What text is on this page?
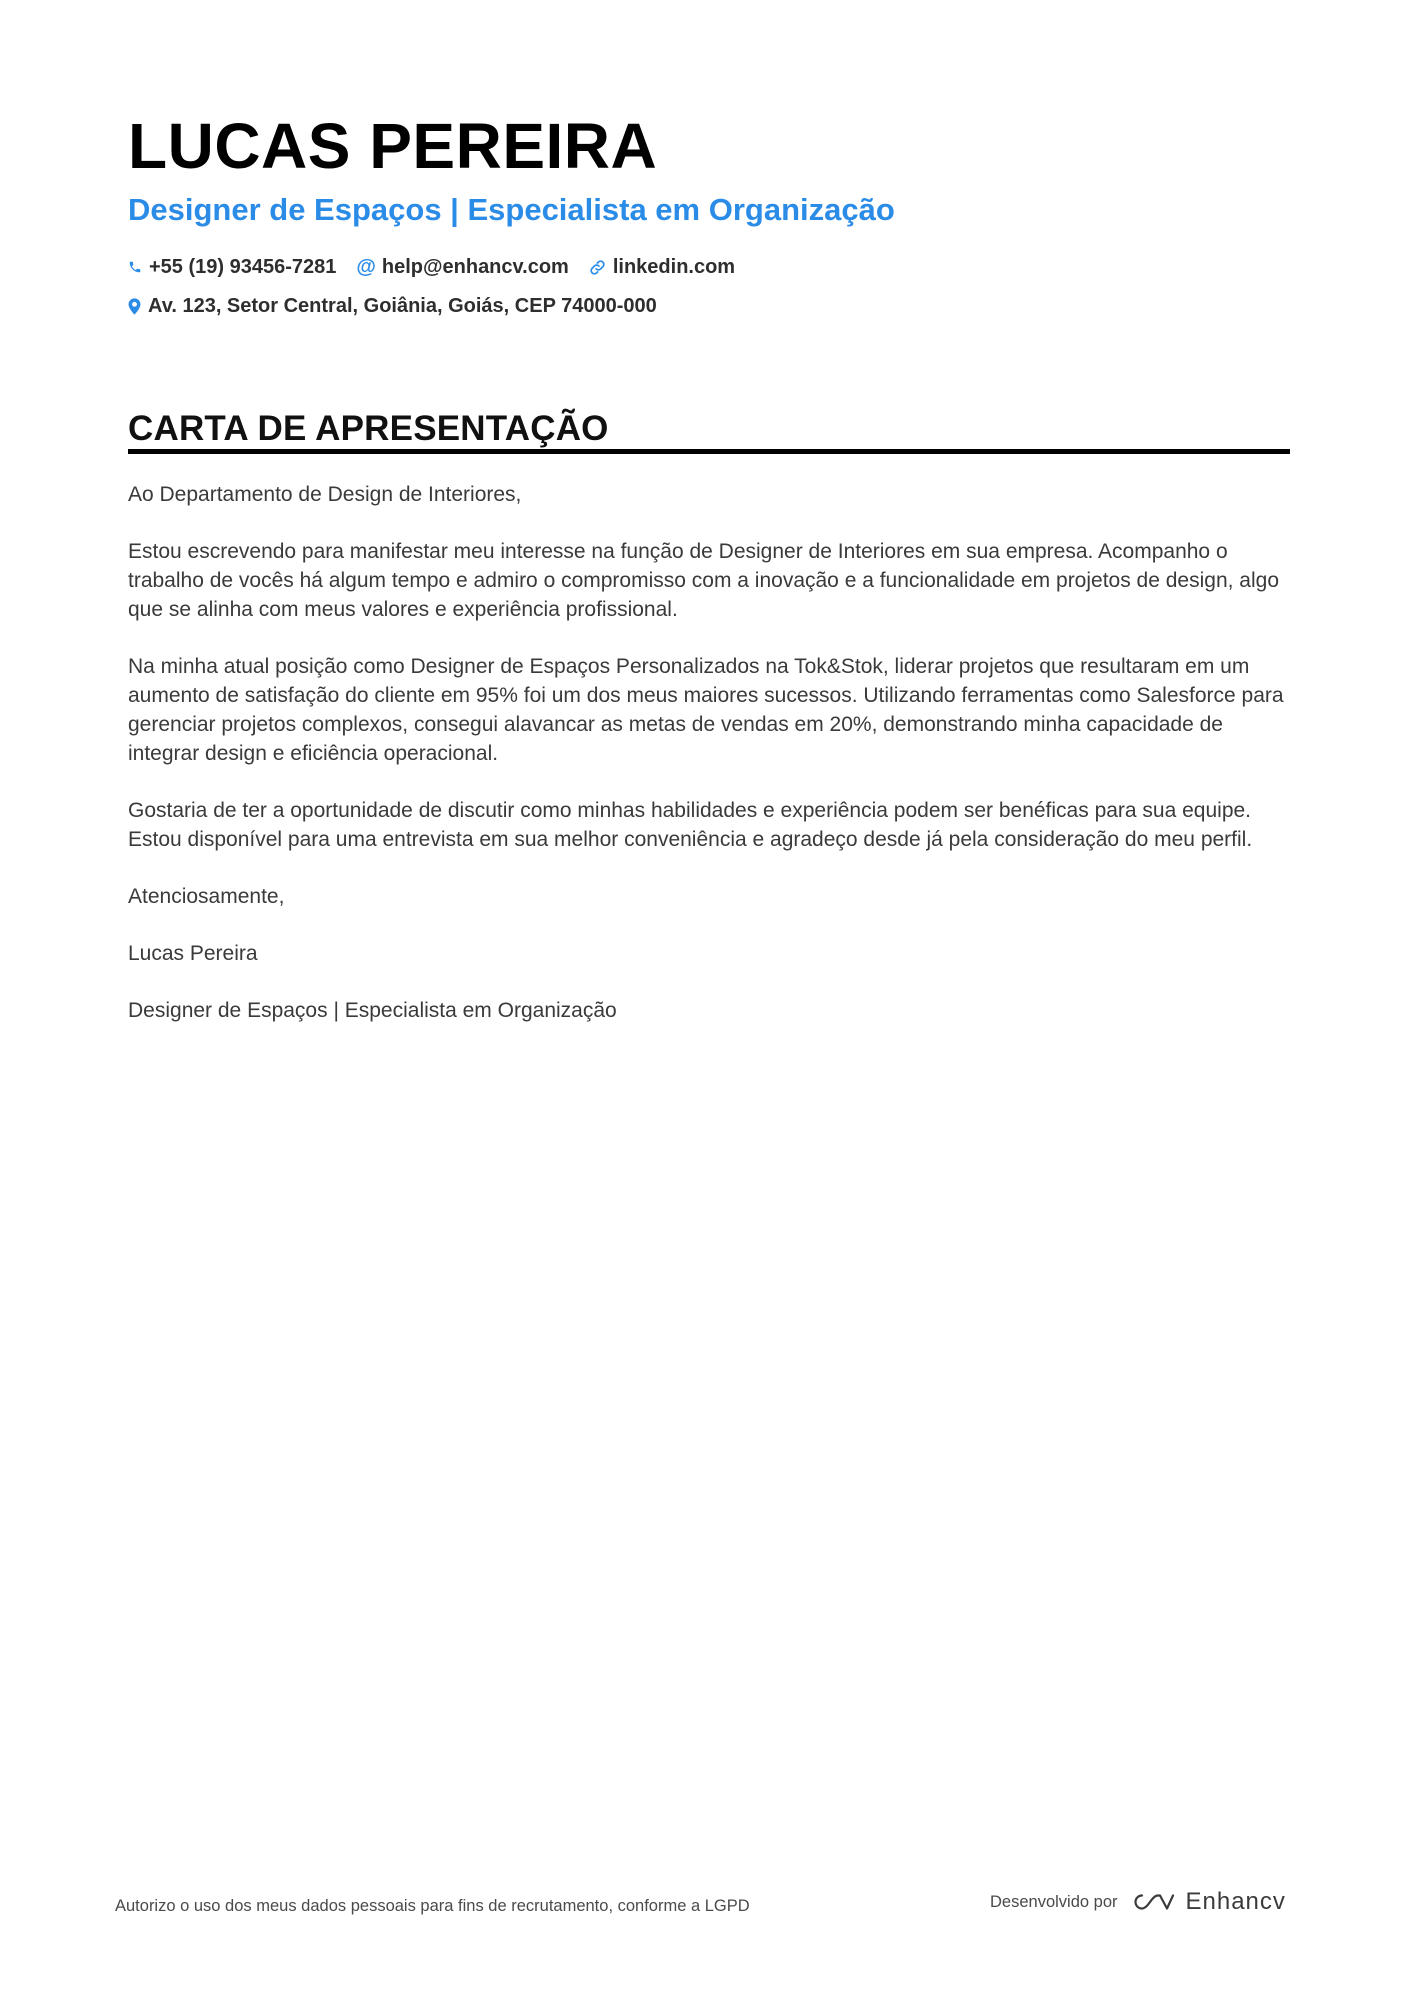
LUCAS PEREIRA
Designer de Espaços | Especialista em Organização
+55 (19) 93456-7281 @ help@enhancv.com linkedin.com
Av. 123, Setor Central, Goiânia, Goiás, CEP 74000-000
CARTA DE APRESENTAÇÃO

Ao Departamento de Design de Interiores,

Estou escrevendo para manifestar meu interesse na função de Designer de Interiores em sua empresa. Acompanho o trabalho de vocês há algum tempo e admiro o compromisso com a inovação e a funcionalidade em projetos de design, algo que se alinha com meus valores e experiência profissional.

Na minha atual posição como Designer de Espaços Personalizados na Tok&Stok, liderar projetos que resultaram em um aumento de satisfação do cliente em 95% foi um dos meus maiores sucessos. Utilizando ferramentas como Salesforce para gerenciar projetos complexos, consegui alavancar as metas de vendas em 20%, demonstrando minha capacidade de integrar design e eficiência operacional.

Gostaria de ter a oportunidade de discutir como minhas habilidades e experiência podem ser benéficas para sua equipe. Estou disponível para uma entrevista em sua melhor conveniência e agradeço desde já pela consideração do meu perfil.

Atenciosamente,

Lucas Pereira

Designer de Espaços | Especialista em Organização

Autorizo o uso dos meus dados pessoais para fins de recrutamento, conforme a LGPD	Desenvolvido por	Enhancv
